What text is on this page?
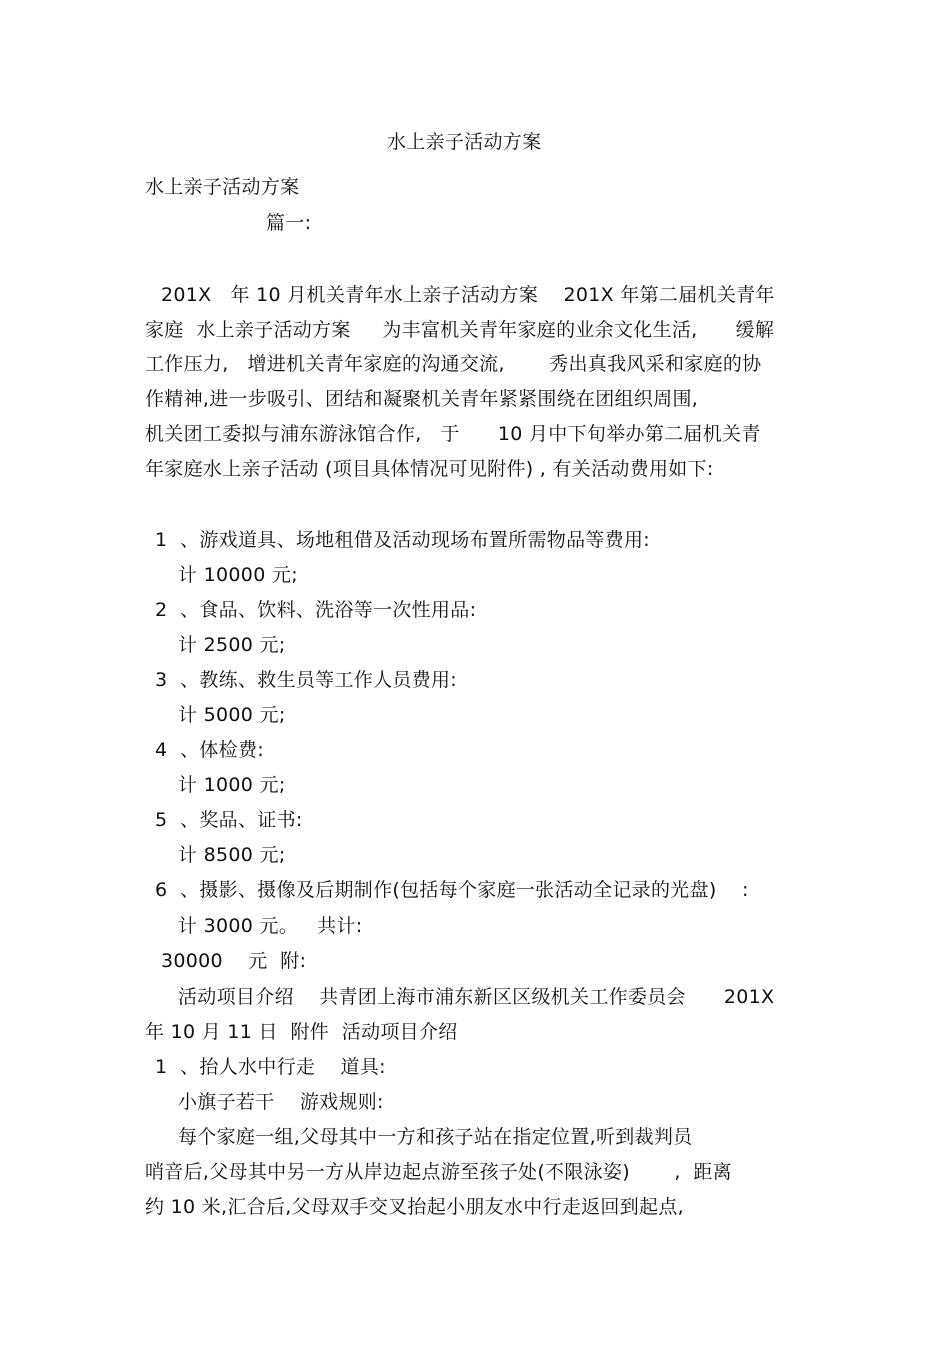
水上亲子活动方案
水上亲子活动方案
篇一:
201X   年 10 月机关青年水上亲子活动方案    201X 年第二届机关青年
家庭  水上亲子活动方案     为丰富机关青年家庭的业余文化生活,      缓解
工作压力,   增进机关青年家庭的沟通交流,       秀出真我风采和家庭的协
作精神,进一步吸引、团结和凝聚机关青年紧紧围绕在团组织周围,
机关团工委拟与浦东游泳馆合作,   于      10 月中下旬举办第二届机关青
年家庭水上亲子活动 (项目具体情况可见附件) , 有关活动费用如下:
1  、游戏道具、场地租借及活动现场布置所需物品等费用:
计 10000 元;
2  、食品、饮料、洗浴等一次性用品:
计 2500 元;
3  、教练、救生员等工作人员费用:
计 5000 元;
4  、体检费:
计 1000 元;
5  、奖品、证书:
计 8500 元;
6  、摄影、摄像及后期制作(包括每个家庭一张活动全记录的光盘)    :
计 3000 元。   共计:
30000    元  附:
活动项目介绍    共青团上海市浦东新区区级机关工作委员会      201X
年 10 月 11 日  附件  活动项目介绍
1  、抬人水中行走    道具:
小旗子若干    游戏规则:
每个家庭一组,父母其中一方和孩子站在指定位置,听到裁判员
哨音后,父母其中另一方从岸边起点游至孩子处(不限泳姿)       ,  距离
约 10 米,汇合后,父母双手交叉抬起小朋友水中行走返回到起点,
